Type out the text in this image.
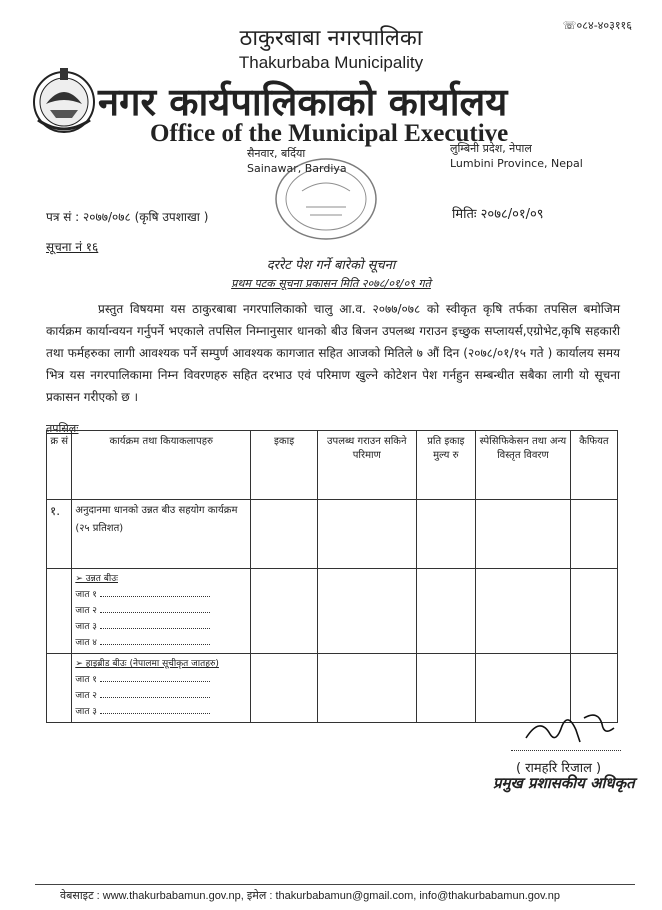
☏०८४-४०३११६
ठाकुरबाबा नगरपालिका
Thakurbaba Municipality
नगर कार्यपालिकाको कार्यालय
Office of the Municipal Executive
सैनवार, बर्दिया
Sainawar, Bardiya
लुम्बिनी प्रदेश, नेपाल
Lumbini Province, Nepal
पत्र सं : २०७७/०७८ (कृषि उपशाखा )	मितिः २०७८/०१/०९
सूचना नं १६
दररेट पेश गर्ने बारेको सूचना
प्रथम पटक सूचना प्रकासन मिति २०७८/०१/०९ गते
प्रस्तुत विषयमा यस ठाकुरबाबा नगरपालिकाको चालु आ.व. २०७७/०७८ को स्वीकृत कृषि तर्फका तपसिल बमोजिम कार्यक्रम कार्यान्वयन गर्नुपर्ने भएकाले तपसिल निम्नानुसार धानको बीउ बिजन उपलब्ध गराउन इच्छुक सप्लायर्स,एग्रोभेट,कृषि सहकारी तथा फर्महरुका लागी आवश्यक पर्ने सम्पुर्ण आवश्यक कागजात सहित आजको मितिले ७ औं दिन (२०७८/०१/१५ गते ) कार्यालय समय भित्र यस नगरपालिकामा निम्न विवरणहरु सहित दरभाउ एवं परिमाण खुल्ने कोटेशन पेश गर्नहुन सम्बन्धीत सबैका लागी यो सूचना प्रकासन गरीएको छ ।
तपसिलः
क्र सं	कार्यक्रम तथा कियाकलापहरु	इकाइ	उपलब्ध गराउन सकिने परिमाण	प्रति इकाइ मुल्य रु	स्पेसिफिकेसन तथा अन्य विस्तृत विवरण	कैफियत
१.	अनुदानमा धानको उन्नत बीउ सहयोग कार्यक्रम
(२५ प्रतिशत)					

	➢ उन्नत बीउः
जात १
जात २
जात ३
जात ४					

	➢ हाइब्रीड बीउः (नेपालमा सूचीकृत जातहरु)
जात १
जात २
जात ३					

( रामहरि रिजाल )
प्रमुख प्रशासकीय अधिकृत
वेबसाइट : www.thakurbabamun.gov.np, इमेल : thakurbabamun@gmail.com, info@thakurbabamun.gov.np
